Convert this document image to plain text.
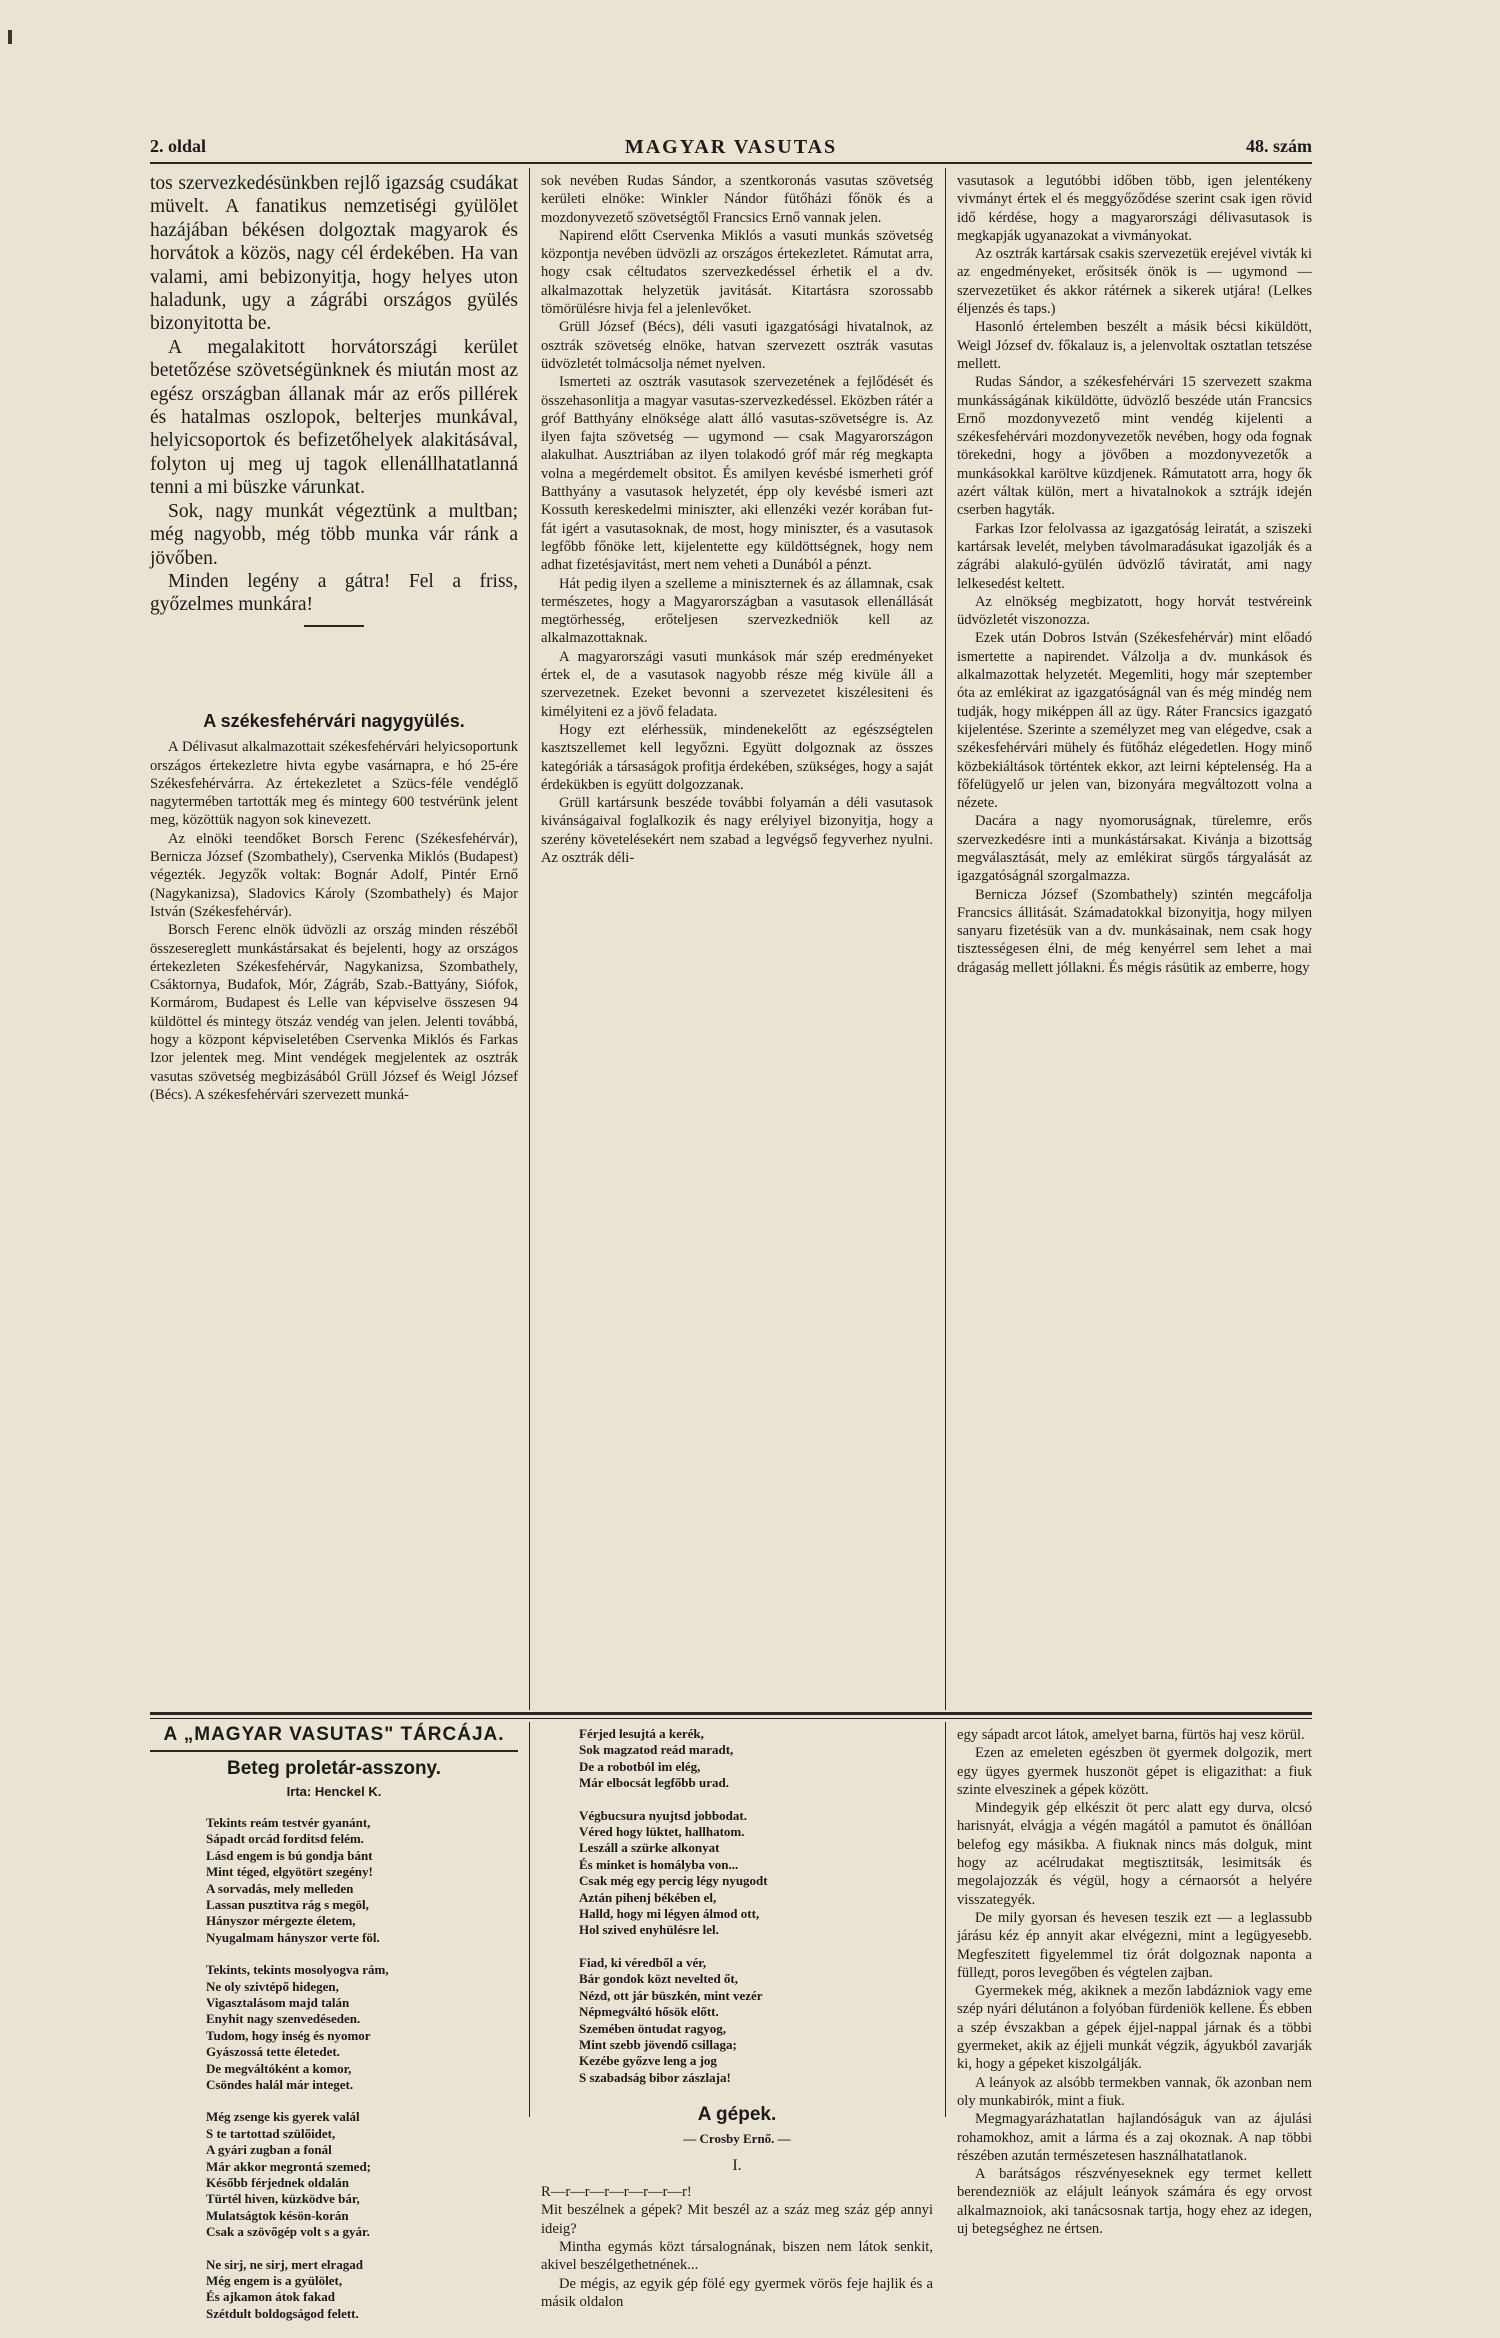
2. oldal	MAGYAR VASUTAS	48. szám

tos szervezkedésünkben rejlő igazság csudákat müvelt. A fanatikus nemzetiségi gyülölet hazájában békésen dolgoztak magyarok és horvátok a közös, nagy cél érdekében. Ha van valami, ami bebizonyitja, hogy helyes uton haladunk, ugy a zágrábi országos gyülés bizonyitotta be.

A megalakitott horvátországi kerület betetőzése szövetségünknek és miután most az egész országban állanak már az erős pillérek és hatalmas oszlopok, belterjes munkával, helyicsoportok és befizetőhelyek alakitásával, folyton uj meg uj tagok ellenállhatatlanná tenni a mi büszke várunkat.

Sok, nagy munkát végeztünk a multban; még nagyobb, még több munka vár ránk a jövőben.

Minden legény a gátra! Fel a friss, győzelmes munkára!

A székesfehérvári nagygyülés.

A Délivasut alkalmazottait székesfehérvári helyicsoportunk országos értekezletre hivta egybe vasárnapra, e hó 25-ére Székesfehérvárra. Az értekezletet a Szücs-féle vendéglő nagytermében tartották meg és mintegy 600 testvérünk jelent meg, közöttük nagyon sok kinevezett.

Az elnöki teendőket Borsch Ferenc (Székesfehérvár), Bernicza József (Szombathely), Cservenka Miklós (Budapest) végezték. Jegyzők voltak: Bognár Adolf, Pintér Ernő (Nagykanizsa), Sladovics Károly (Szombathely) és Major István (Székesfehérvár).

Borsch Ferenc elnök üdvözli az ország minden részéből összesereglett munkástársakat és bejelenti, hogy az országos értekezleten Székesfehérvár, Nagykanizsa, Szombathely, Csáktornya, Budafok, Mór, Zágráb, Szab.-Battyány, Siófok, Kormárom, Budapest és Lelle van képviselve összesen 94 küldöttel és mintegy ötszáz vendég van jelen. Jelenti továbbá, hogy a központ képviseletében Cservenka Miklós és Farkas Izor jelentek meg. Mint vendégek megjelentek az osztrák vasutas szövetség megbizásából Grüll József és Weigl József (Bécs). A székesfehérvári szervezett munká-

sok nevében Rudas Sándor, a szentkoronás vasutas szövetség kerületi elnöke: Winkler Nándor fütőházi főnök és a mozdonyvezető szövetségtől Francsics Ernő vannak jelen.

Napirend előtt Cservenka Miklós a vasuti munkás szövetség központja nevében üdvözli az országos értekezletet. Rámutat arra, hogy csak céltudatos szervezkedéssel érhetik el a dv. alkalmazottak helyzetük javitását. Kitartásra szorossabb tömörülésre hivja fel a jelenlevőket.

Grüll József (Bécs), déli vasuti igazgatósági hivatalnok, az osztrák szövetség elnöke, hatvan szervezett osztrák vasutas üdvözletét tolmácsolja német nyelven.

Ismerteti az osztrák vasutasok szervezetének a fejlődését és összehasonlitja a magyar vasutas-szervezkedéssel. Eközben rátér a gróf Batthyány elnöksége alatt álló vasutas-szövetségre is. Az ilyen fajta szövetség — ugymond — csak Magyarországon alakulhat. Ausztriában az ilyen tolakodó gróf már rég megkapta volna a megérdemelt obsitot. És amilyen kevésbé ismerheti gróf Batthyány a vasutasok helyzetét, épp oly kevésbé ismeri azt Kossuth kereskedelmi miniszter, aki ellenzéki vezér korában fut-fát igért a vasutasoknak, de most, hogy miniszter, és a vasutasok legfőbb főnöke lett, kijelentette egy küldöttségnek, hogy nem adhat fizetésjavitást, mert nem veheti a Dunából a pénzt.

Hát pedig ilyen a szelleme a miniszternek és az államnak, csak természetes, hogy a Magyarországban a vasutasok ellenállását megtörhesség, erőteljesen szervezkedniök kell az alkalmazottaknak.

A magyarországi vasuti munkások már szép eredményeket értek el, de a vasutasok nagyobb része még kivüle áll a szervezetnek. Ezeket bevonni a szervezetet kiszélesiteni és kimélyiteni ez a jövő feladata.

Hogy ezt elérhessük, mindenekelőtt az egészségtelen kasztszellemet kell legyőzni. Együtt dolgoznak az összes kategóriák a társaságok profitja érdekében, szükséges, hogy a saját érdekükben is együtt dolgozzanak.

Grüll kartársunk beszéde további folyamán a déli vasutasok kivánságaival foglalkozik és nagy erélyiyel bizonyitja, hogy a szerény követelésekért nem szabad a legvégső fegyverhez nyulni. Az osztrák déli-

vasutasok a legutóbbi időben több, igen jelentékeny vivmányt értek el és meggyőződése szerint csak igen rövid idő kérdése, hogy a magyarországi délivasutasok is megkapják ugyanazokat a vivmányokat.

Az osztrák kartársak csakis szervezetük erejével vivták ki az engedményeket, erősitsék önök is — ugymond — szervezetüket és akkor rátérnek a sikerek utjára! (Lelkes éljenzés és taps.)

Hasonló értelemben beszélt a másik bécsi kiküldött, Weigl József dv. főkalauz is, a jelenvoltak osztatlan tetszése mellett.

Rudas Sándor, a székesfehérvári 15 szervezett szakma munkásságának kiküldötte, üdvözlő beszéde után Francsics Ernő mozdonyvezető mint vendég kijelenti a székesfehérvári mozdonyvezetők nevében, hogy oda fognak törekedni, hogy a jövőben a mozdonyvezetők a munkásokkal karöltve küzdjenek. Rámutatott arra, hogy ők azért váltak külön, mert a hivatalnokok a sztrájk idején cserben hagyták.

Farkas Izor felolvassa az igazgatóság leiratát, a sziszeki kartársak levelét, melyben távolmaradásukat igazolják és a zágrábi alakuló-gyülén üdvözlő táviratát, ami nagy lelkesedést keltett.

Az elnökség megbizatott, hogy horvát testvéreink üdvözletét viszonozza.

Ezek után Dobros István (Székesfehérvár) mint előadó ismertette a napirendet. Válzolja a dv. munkások és alkalmazottak helyzetét. Megemliti, hogy már szeptember óta az emlékirat az igazgatóságnál van és még mindég nem tudják, hogy miképpen áll az ügy. Ráter Francsics igazgató kijelentése. Szerinte a személyzet meg van elégedve, csak a székesfehérvári mühely és fütőház elégedetlen. Hogy minő közbekiáltások történtek ekkor, azt leirni képtelenség. Ha a főfelügyelő ur jelen van, bizonyára megváltozott volna a nézete.

Dacára a nagy nyomoruságnak, türelemre, erős szervezkedésre inti a munkástársakat. Kivánja a bizottság megválasztását, mely az emlékirat sürgős tárgyalását az igazgatóságnál szorgalmazza.

Bernicza József (Szombathely) szintén megcáfolja Francsics állitását. Számadatokkal bizonyitja, hogy milyen sanyaru fizetésük van a dv. munkásainak, nem csak hogy tisztességesen élni, de még kenyérrel sem lehet a mai drágaság mellett jóllakni. És mégis rásütik az emberre, hogy

A „MAGYAR VASUTAS" TÁRCÁJA.
Beteg proletár-asszony.
Irta: Henckel K.
Tekints reám testvér gyanánt,
Sápadt orcád forditsd felém.
Lásd engem is bú gondja bánt
Mint téged, elgyötört szegény!
A sorvadás, mely melleden
Lassan pusztitva rág s megöl,
Hányszor mérgezte életem,
Nyugalmam hányszor verte föl.
Tekints, tekints mosolyogva rám,
Ne oly szivtépő hidegen,
Vigasztalásom majd talán
Enyhit nagy szenvedéseden.
Tudom, hogy inség és nyomor
Gyászossá tette életedet.
De megváltóként a komor,
Csöndes halál már integet.
Még zsenge kis gyerek valál
S te tartottad szülőidet,
A gyári zugban a fonál
Már akkor megrontá szemed;
Később férjednek oldalán
Türtél hiven, küzködve bár,
Mulatságtok késön-korán
Csak a szövőgép volt s a gyár.
Ne sirj, ne sirj, mert elragad
Még engem is a gyülölet,
És ajkamon átok fakad
Szétdult boldogságod felett.
Férjed lesujtá a kerék,
Sok magzatod reád maradt,
De a robotból im elég,
Már elbocsát legfőbb urad.
Végbucsura nyujtsd jobbodat.
Véred hogy lüktet, hallhatom.
Leszáll a szürke alkonyat
És minket is homályba von...
Csak még egy percig légy nyugodt
Aztán pihenj békében el,
Halld, hogy mi légyen álmod ott,
Hol szived enyhülésre lel.
Fiad, ki véredből a vér,
Bár gondok közt nevelted őt,
Nézd, ott jár büszkén, mint vezér
Népmegváltó hősök előtt.
Szemében öntudat ragyog,
Mint szebb jövendő csillaga;
Kezébe győzve leng a jog
S szabadság bibor zászlaja!
A gépek.
— Crosby Ernő. —
I.

R—r—r—r—r—r—r—r!

Mit beszélnek a gépek? Mit beszél az a száz meg száz gép annyi ideig?

Mintha egymás közt társalognának, biszen nem látok senkit, akivel beszélgethetnének...

De mégis, az egyik gép fölé egy gyermek vörös feje hajlik és a másik oldalon

egy sápadt arcot látok, amelyet barna, fürtös haj vesz körül.

Ezen az emeleten egészben öt gyermek dolgozik, mert egy ügyes gyermek huszonöt gépet is eligazithat: a fiuk szinte elveszinek a gépek között.

Mindegyik gép elkészit öt perc alatt egy durva, olcsó harisnyát, elvágja a végén magától a pamutot és önállóan belefog egy másikba. A fiuknak nincs más dolguk, mint hogy az acélrudakat megtisztitsák, lesimitsák és megolajozzák és végül, hogy a cérnaorsót a helyére visszategyék.

De mily gyorsan és hevesen teszik ezt — a leglassubb járásu kéz ép annyit akar elvégezni, mint a legügyesebb. Megfeszitett figyelemmel tiz órát dolgoznak naponta a füllедt, poros levegőben és végtelen zajban.

Gyermekek még, akiknek a mezőn labdázniok vagy eme szép nyári délutánon a folyóban fürdeniök kellene. És ebben a szép évszakban a gépek éjjel-nappal járnak és a többi gyermeket, akik az éjjeli munkát végzik, ágyukból zavarják ki, hogy a gépeket kiszolgálják.

A leányok az alsóbb termekben vannak, ők azonban nem oly munkabirók, mint a fiuk.

Megmagyarázhatatlan hajlandóságuk van az ájulási rohamokhoz, amit a lárma és a zaj okoznak. A nap többi részében azután természetesen használhatatlanok.

A barátságos részvényeseknek egy termet kellett berendezniök az elájult leányok számára és egy orvost alkalmaznoiok, aki tanácsosnak tartja, hogy ehez az idegen, uj betegséghez ne értsen.
